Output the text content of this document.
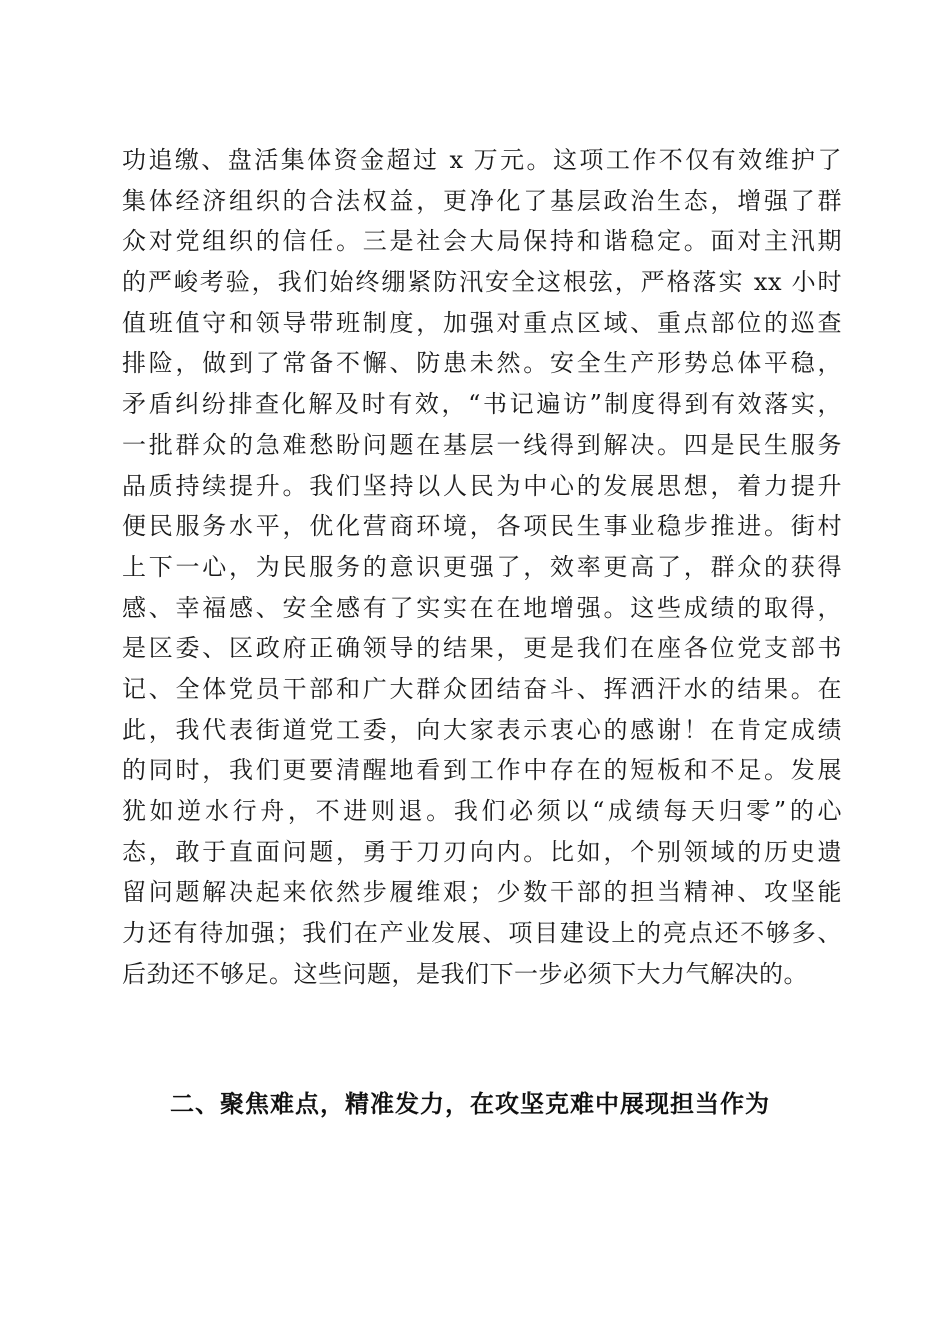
功追缴、盘活集体资金超过 x 万元。这项工作不仅有效维护了
集体经济组织的合法权益，更净化了基层政治生态，增强了群
众对党组织的信任。三是社会大局保持和谐稳定。面对主汛期
的严峻考验，我们始终绷紧防汛安全这根弦，严格落实 xx 小时
值班值守和领导带班制度，加强对重点区域、重点部位的巡查
排险，做到了常备不懈、防患未然。安全生产形势总体平稳，
矛盾纠纷排查化解及时有效，“书记遍访”制度得到有效落实，
一批群众的急难愁盼问题在基层一线得到解决。四是民生服务
品质持续提升。我们坚持以人民为中心的发展思想，着力提升
便民服务水平，优化营商环境，各项民生事业稳步推进。街村
上下一心，为民服务的意识更强了，效率更高了，群众的获得
感、幸福感、安全感有了实实在在地增强。这些成绩的取得，
是区委、区政府正确领导的结果，更是我们在座各位党支部书
记、全体党员干部和广大群众团结奋斗、挥洒汗水的结果。在
此，我代表街道党工委，向大家表示衷心的感谢！在肯定成绩
的同时，我们更要清醒地看到工作中存在的短板和不足。发展
犹如逆水行舟，不进则退。我们必须以“成绩每天归零”的心
态，敢于直面问题，勇于刀刃向内。比如，个别领域的历史遗
留问题解决起来依然步履维艰；少数干部的担当精神、攻坚能
力还有待加强；我们在产业发展、项目建设上的亮点还不够多、
后劲还不够足。这些问题，是我们下一步必须下大力气解决的。
二、聚焦难点，精准发力，在攻坚克难中展现担当作为
